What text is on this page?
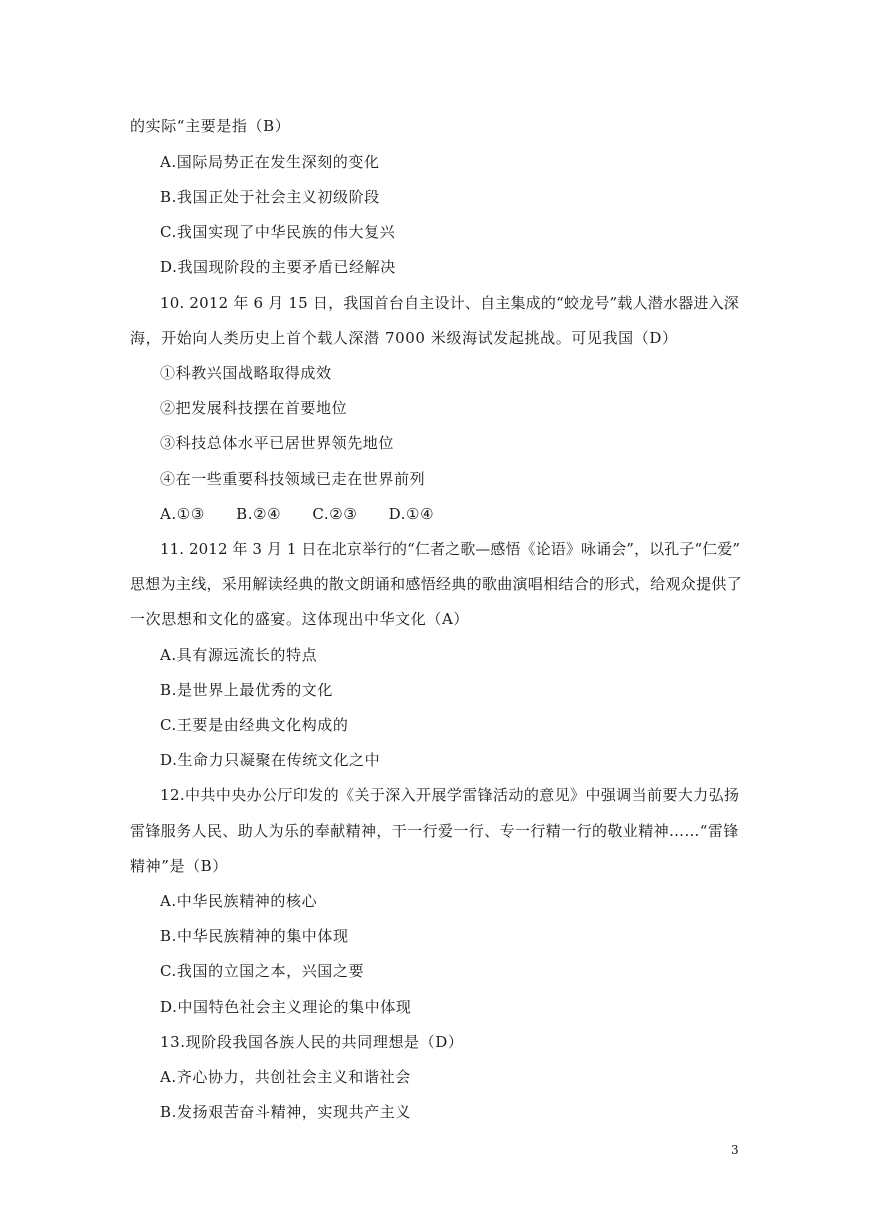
的实际“主要是指（B）
A.国际局势正在发生深刻的变化
B.我国正处于社会主义初级阶段
C.我国实现了中华民族的伟大复兴
D.我国现阶段的主要矛盾已经解决
10. 2012 年 6 月 15 日，我国首台自主设计、自主集成的“蛟龙号”载人潜水器进入深
海，开始向人类历史上首个载人深潜 7000 米级海试发起挑战。可见我国（D）
①科教兴国战略取得成效
②把发展科技摆在首要地位
③科技总体水平已居世界领先地位
④在一些重要科技领域已走在世界前列
A.①③　　B.②④　　C.②③　　D.①④
11. 2012 年 3 月 1 日在北京举行的“仁者之歌—感悟《论语》咏诵会”，以孔子“仁爱”
思想为主线，采用解读经典的散文朗诵和感悟经典的歌曲演唱相结合的形式，给观众提供了
一次思想和文化的盛宴。这体现出中华文化（A）
A.具有源远流长的特点
B.是世界上最优秀的文化
C.王要是由经典文化构成的
D.生命力只凝聚在传统文化之中
12.中共中央办公厅印发的《关于深入开展学雷锋活动的意见》中强调当前要大力弘扬
雷锋服务人民、助人为乐的奉献精神，干一行爱一行、专一行精一行的敬业精神……“雷锋
精神”是（B）
A.中华民族精神的核心
B.中华民族精神的集中体现
C.我国的立国之本，兴国之要
D.中国特色社会主义理论的集中体现
13.现阶段我国各族人民的共同理想是（D）
A.齐心协力，共创社会主义和谐社会
B.发扬艰苦奋斗精神，实现共产主义
3
